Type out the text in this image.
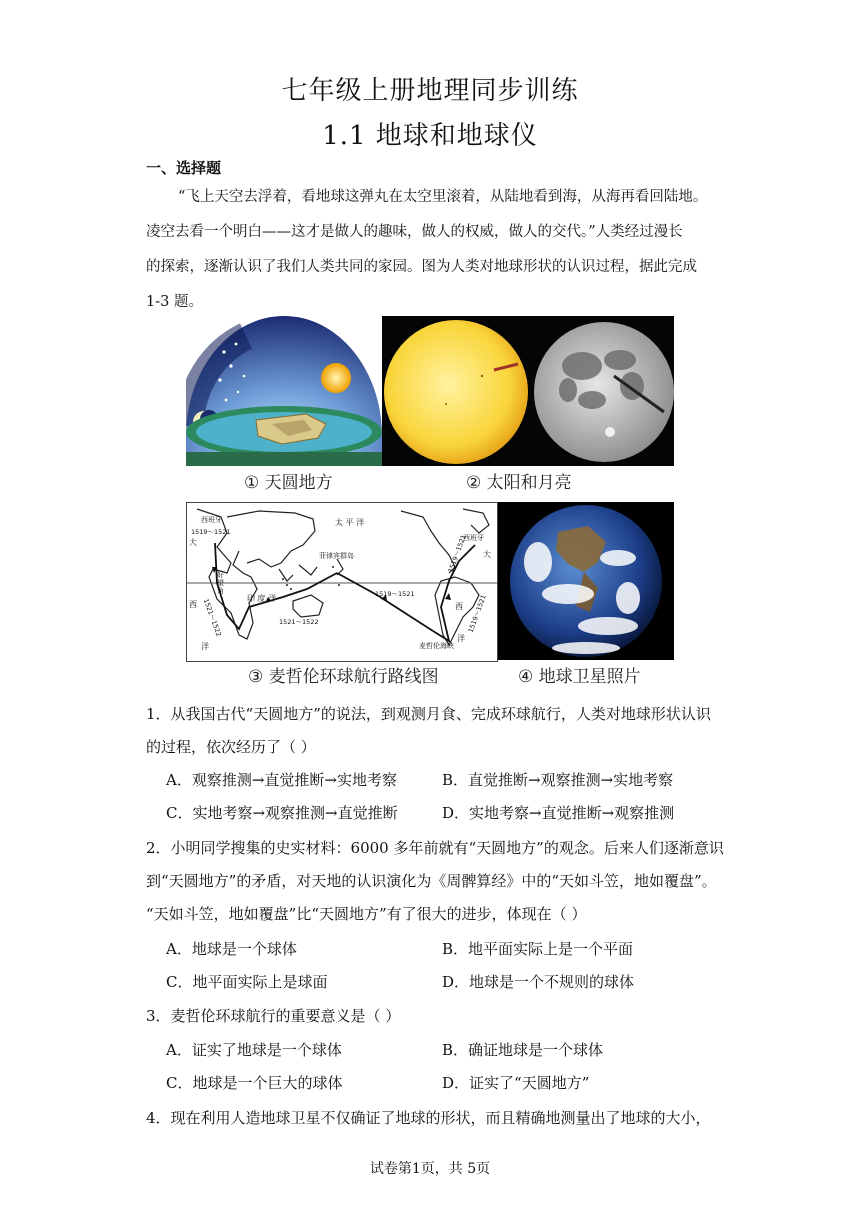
七年级上册地理同步训练
1.1 地球和地球仪
一、选择题

“飞上天空去浮着，看地球这弹丸在太空里滚着，从陆地看到海，从海再看回陆地。

凌空去看一个明白——这才是做人的趣味，做人的权威，做人的交代。”人类经过漫长

的探索，逐渐认识了我们人类共同的家园。图为人类对地球形状的认识过程，据此完成

1-3 题。

① 天圆地方	② 太阳和月亮
太 平 洋
菲律宾群岛
印 度 洋
西班牙
西班牙
大
西
洋
大
西
洋
好望角
麦哲伦海峡
1519～1521
1521～1522
1519～1521
1519～1521
1521～1522	1519～1521
③ 麦哲伦环球航行路线图	④ 地球卫星照片

1．从我国古代“天圆地方”的说法，到观测月食、完成环球航行，人类对地球形状认识

的过程，依次经历了（ ）

A．观察推测→直觉推断→实地考察	B．直觉推断→观察推测→实地考察
C．实地考察→观察推测→直觉推断	D．实地考察→直觉推断→观察推测

2．小明同学搜集的史实材料：6000 多年前就有“天圆地方”的观念。后来人们逐渐意识

到“天圆地方”的矛盾，对天地的认识演化为《周髀算经》中的“天如斗笠，地如覆盘”。

“天如斗笠，地如覆盘”比“天圆地方”有了很大的进步，体现在（ ）

A．地球是一个球体	B．地平面实际上是一个平面
C．地平面实际上是球面	D．地球是一个不规则的球体

3．麦哲伦环球航行的重要意义是（ ）

A．证实了地球是一个球体	B．确证地球是一个球体
C．地球是一个巨大的球体	D．证实了“天圆地方”

4．现在利用人造地球卫星不仅确证了地球的形状，而且精确地测量出了地球的大小，

试卷第1页，共 5页
